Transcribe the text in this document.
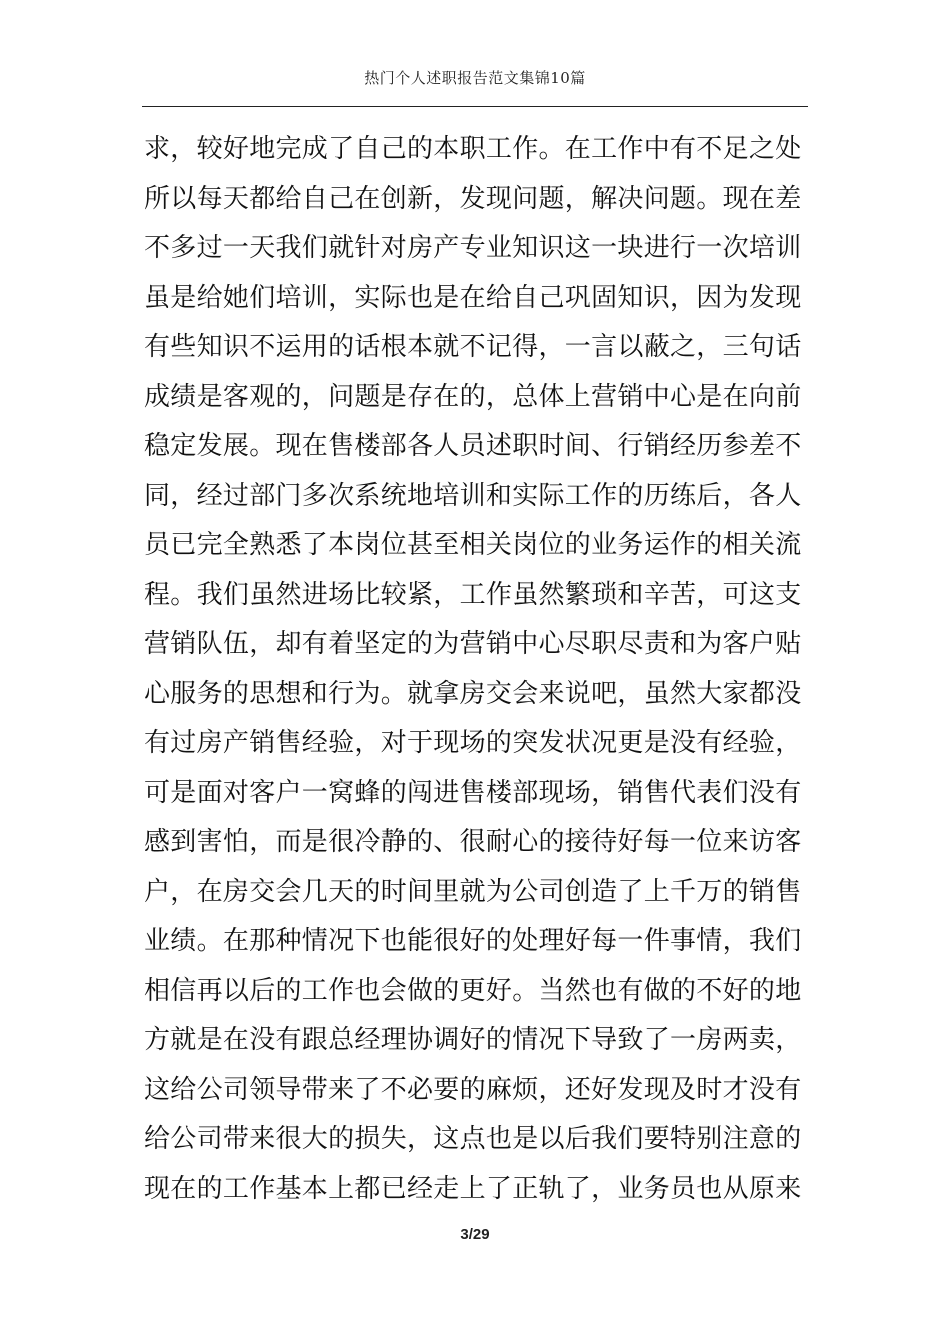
热门个人述职报告范文集锦10篇
求，较好地完成了自己的本职工作。在工作中有不足之处
所以每天都给自己在创新，发现问题，解决问题。现在差
不多过一天我们就针对房产专业知识这一块进行一次培训
虽是给她们培训，实际也是在给自己巩固知识，因为发现
有些知识不运用的话根本就不记得，一言以蔽之，三句话
成绩是客观的，问题是存在的，总体上营销中心是在向前
稳定发展。现在售楼部各人员述职时间、行销经历参差不
同，经过部门多次系统地培训和实际工作的历练后，各人
员已完全熟悉了本岗位甚至相关岗位的业务运作的相关流
程。我们虽然进场比较紧，工作虽然繁琐和辛苦，可这支
营销队伍，却有着坚定的为营销中心尽职尽责和为客户贴
心服务的思想和行为。就拿房交会来说吧，虽然大家都没
有过房产销售经验，对于现场的突发状况更是没有经验，
可是面对客户一窝蜂的闯进售楼部现场，销售代表们没有
感到害怕，而是很冷静的、很耐心的接待好每一位来访客
户，在房交会几天的时间里就为公司创造了上千万的销售
业绩。在那种情况下也能很好的处理好每一件事情，我们
相信再以后的工作也会做的更好。当然也有做的不好的地
方就是在没有跟总经理协调好的情况下导致了一房两卖，
这给公司领导带来了不必要的麻烦，还好发现及时才没有
给公司带来很大的损失，这点也是以后我们要特别注意的
现在的工作基本上都已经走上了正轨了，业务员也从原来
3/29
